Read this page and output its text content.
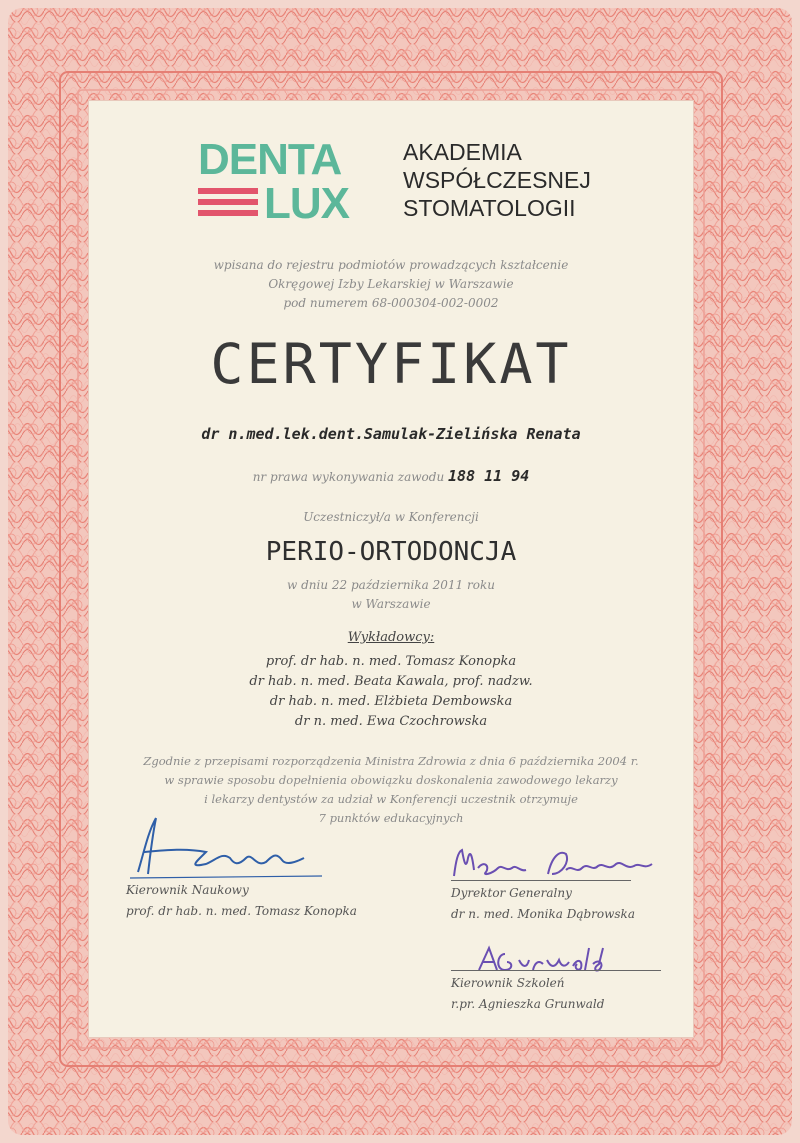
DENTA
LUX
AKADEMIA
WSPÓŁCZESNEJ
STOMATOLOGII
wpisana do rejestru podmiotów prowadzących kształcenie
Okręgowej Izby Lekarskiej w Warszawie
pod numerem 68-000304-002-0002
CERTYFIKAT
dr n.med.lek.dent.Samulak-Zielińska Renata
nr prawa wykonywania zawodu 188 11 94
Uczestniczył/a w Konferencji
PERIO-ORTODONCJA
w dniu 22 października 2011 roku
w Warszawie
Wykładowcy:
prof. dr hab. n. med. Tomasz Konopka
dr hab. n. med. Beata Kawala, prof. nadzw.
dr hab. n. med. Elżbieta Dembowska
dr n. med. Ewa Czochrowska
Zgodnie z przepisami rozporządzenia Ministra Zdrowia z dnia 6 października 2004 r.
w sprawie sposobu dopełnienia obowiązku doskonalenia zawodowego lekarzy
i lekarzy dentystów za udział w Konferencji uczestnik otrzymuje
7 punktów edukacyjnych
Kierownik Naukowy
prof. dr hab. n. med. Tomasz Konopka
Dyrektor Generalny
dr n. med. Monika Dąbrowska
Kierownik Szkoleń
r.pr. Agnieszka Grunwald
